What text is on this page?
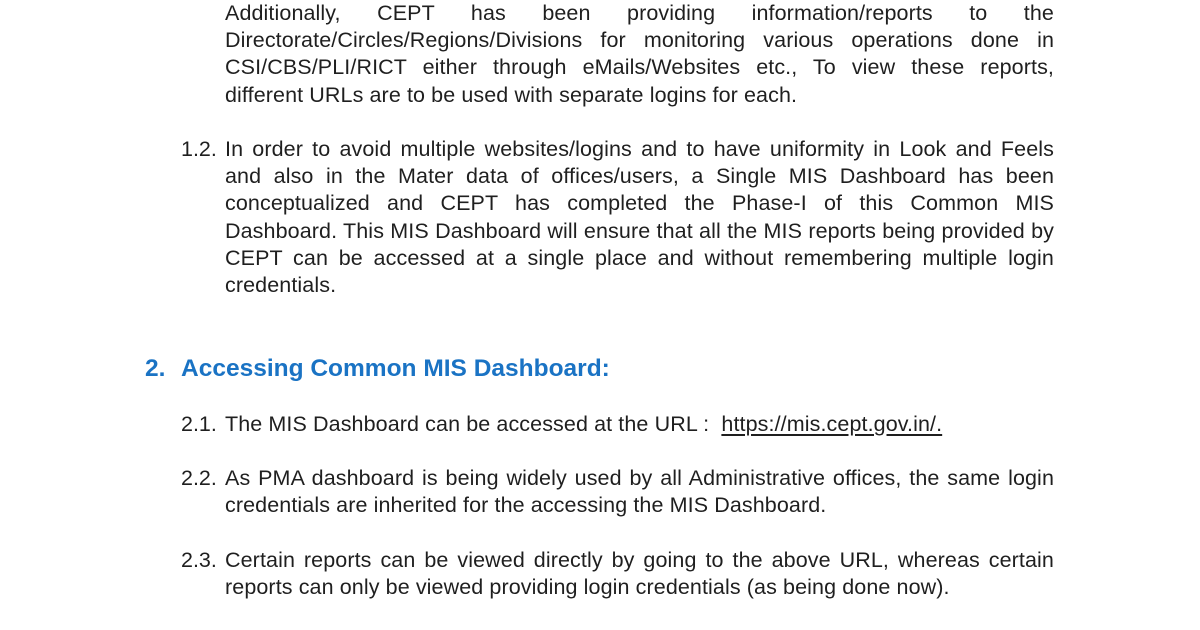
Additionally, CEPT has been providing information/reports to the Directorate/Circles/Regions/Divisions for monitoring various operations done in CSI/CBS/PLI/RICT either through eMails/Websites etc., To view these reports, different URLs are to be used with separate logins for each.
1.2. In order to avoid multiple websites/logins and to have uniformity in Look and Feels and also in the Mater data of offices/users, a Single MIS Dashboard has been conceptualized and CEPT has completed the Phase-I of this Common MIS Dashboard. This MIS Dashboard will ensure that all the MIS reports being provided by CEPT can be accessed at a single place and without remembering multiple login credentials.
2. Accessing Common MIS Dashboard:
2.1. The MIS Dashboard can be accessed at the URL : https://mis.cept.gov.in/.
2.2. As PMA dashboard is being widely used by all Administrative offices, the same login credentials are inherited for the accessing the MIS Dashboard.
2.3. Certain reports can be viewed directly by going to the above URL, whereas certain reports can only be viewed providing login credentials (as being done now).
